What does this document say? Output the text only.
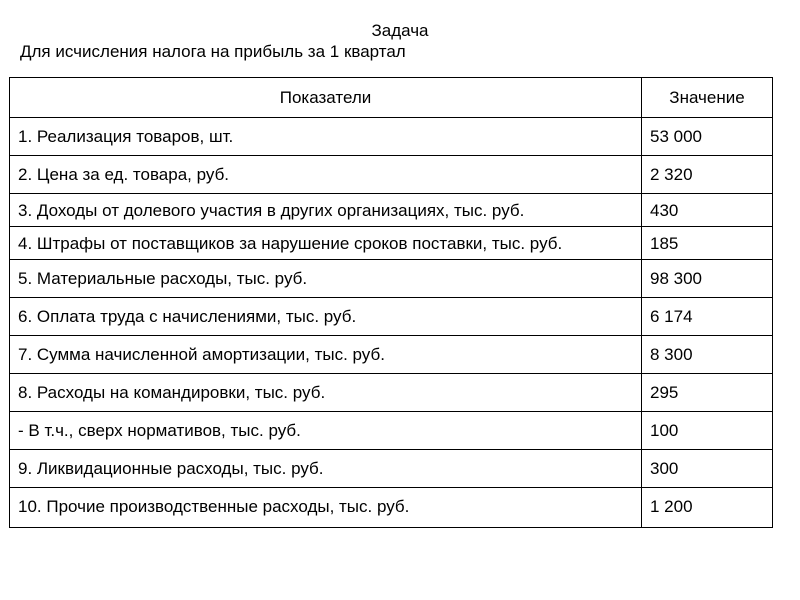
Задача
Для исчисления налога на прибыль за 1 квартал
Показатели	Значение
1. Реализация товаров, шт.	53 000
2. Цена за ед. товара, руб.	2 320
3. Доходы от долевого участия в других организациях, тыс. руб.	430
4. Штрафы от поставщиков за нарушение сроков поставки, тыс. руб.	185
5. Материальные расходы, тыс. руб.	98 300
6. Оплата труда с начислениями, тыс. руб.	6 174
7. Сумма начисленной амортизации, тыс. руб.	8 300
8. Расходы на командировки, тыс. руб.	295
- В т.ч., сверх нормативов, тыс. руб.	100
9. Ликвидационные расходы, тыс. руб.	300
10. Прочие производственные расходы, тыс. руб.	1 200
